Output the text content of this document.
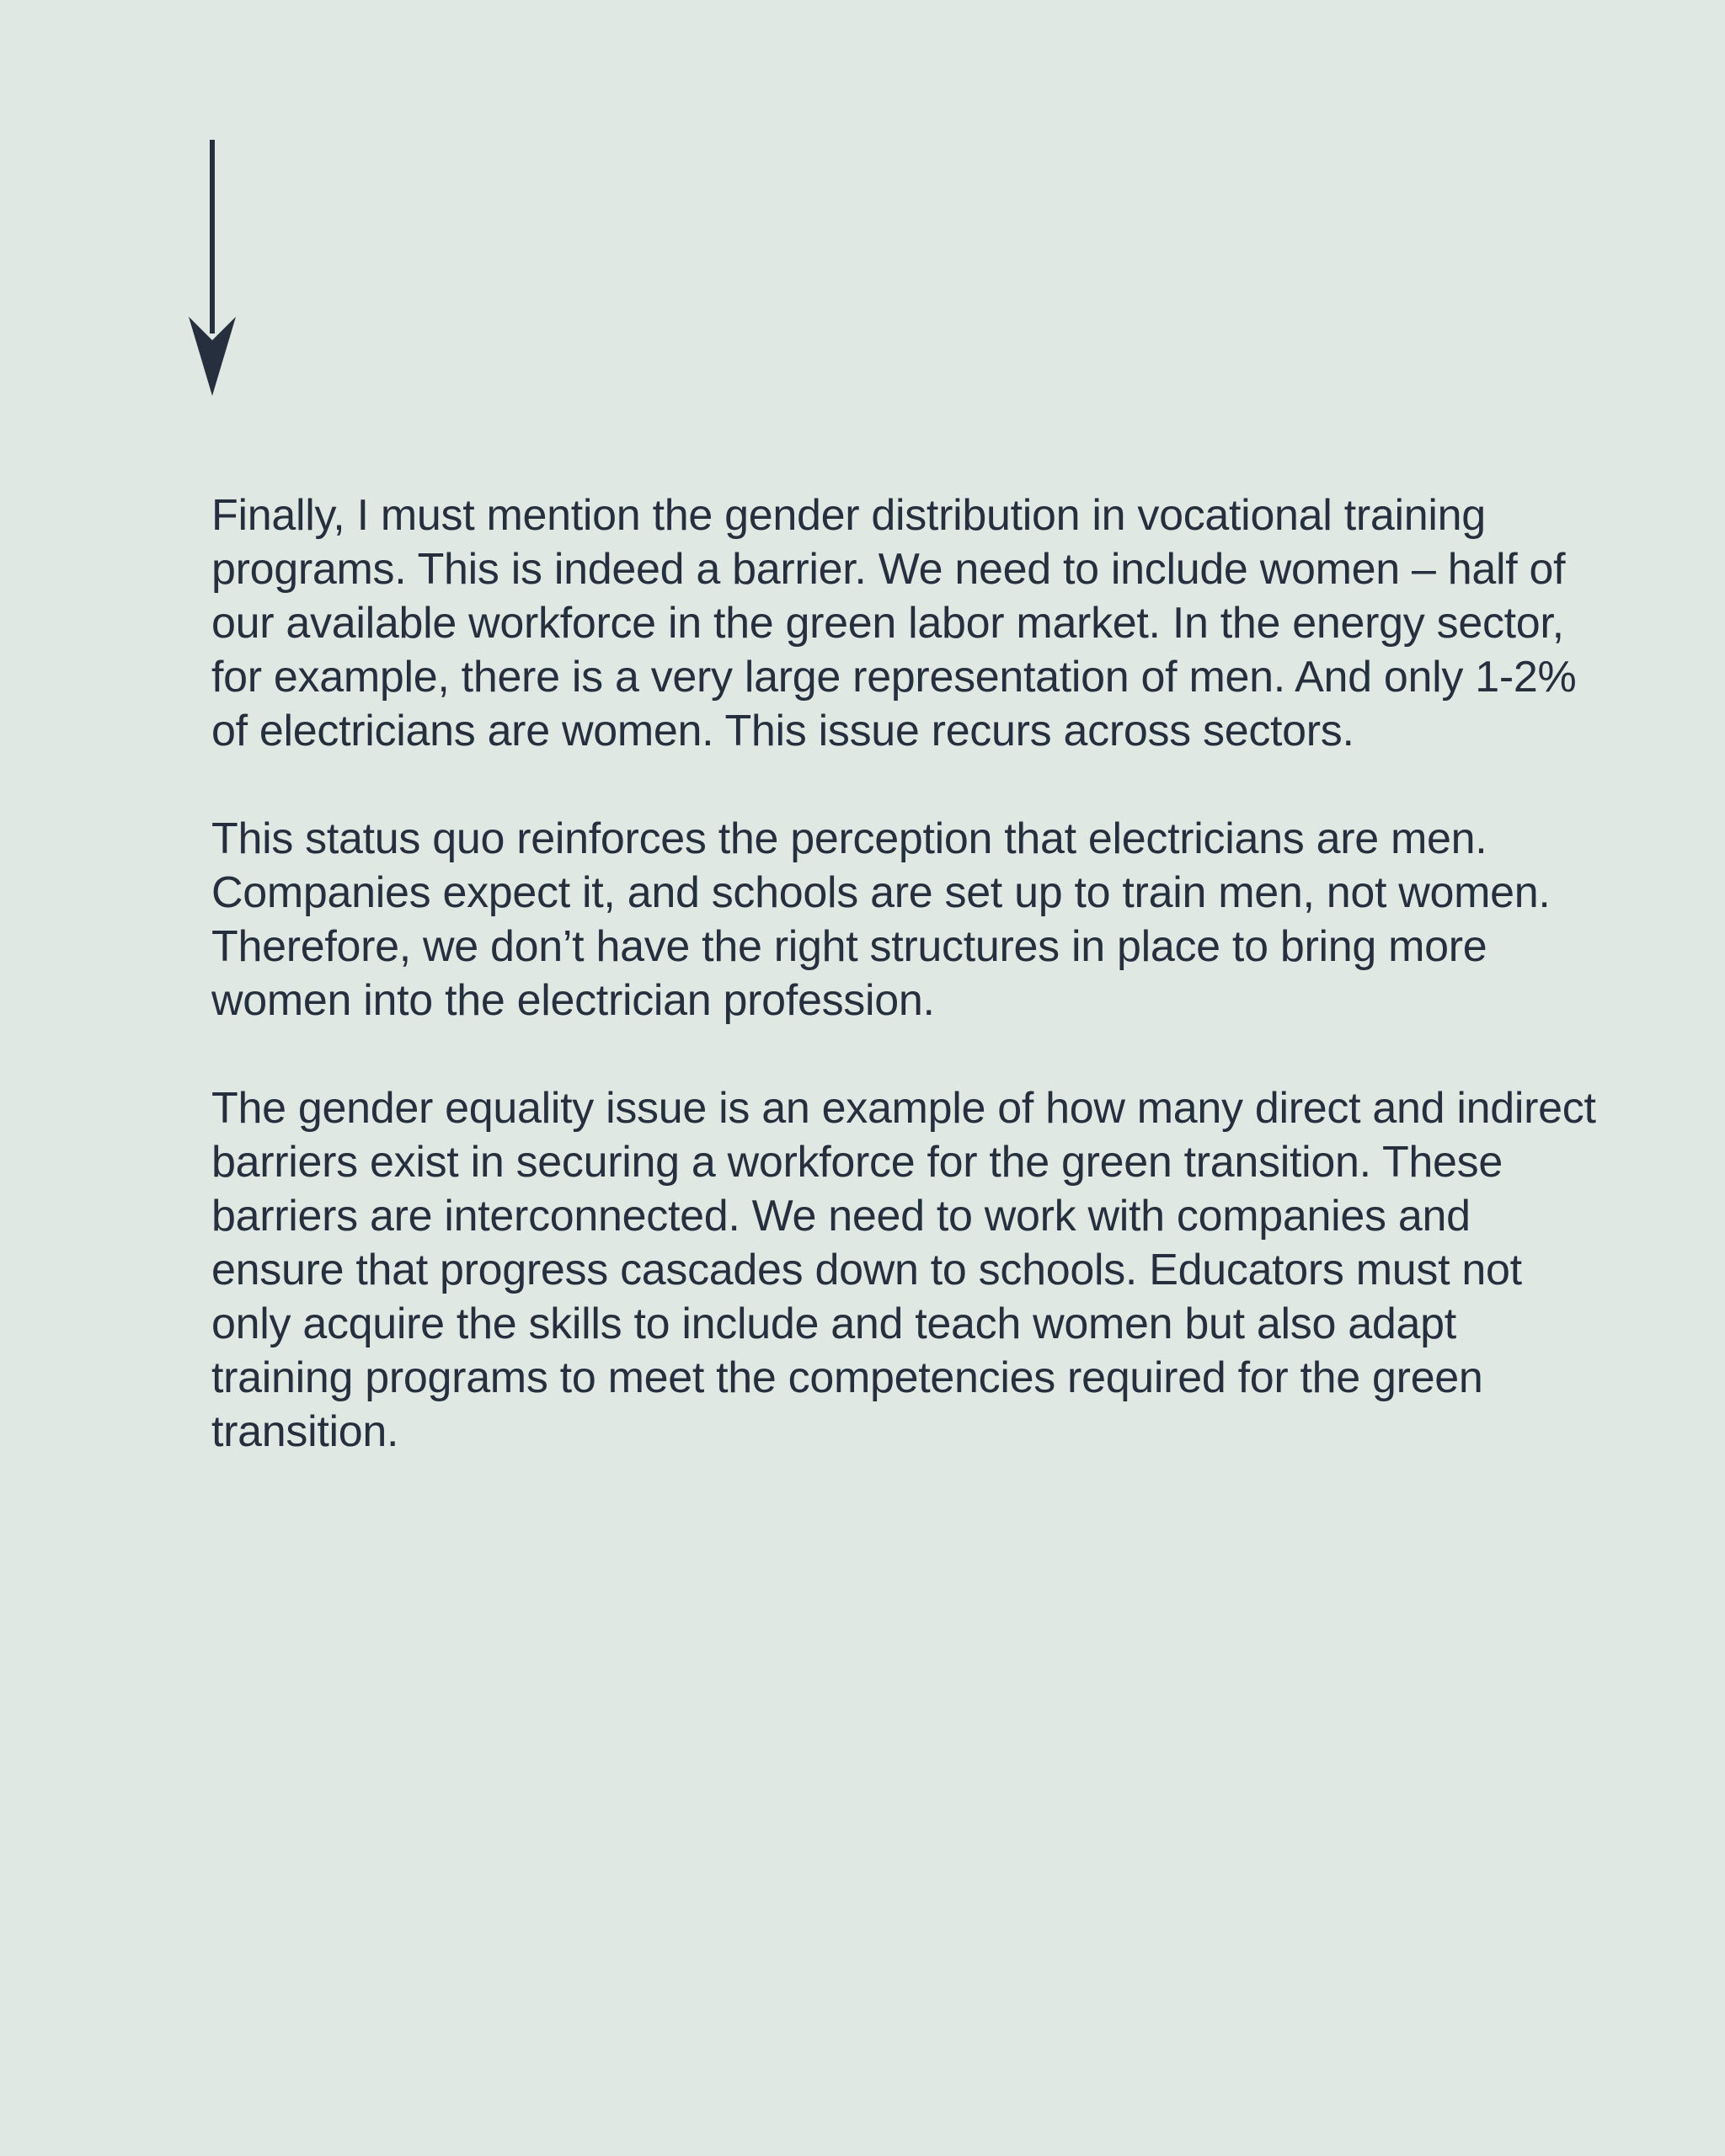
Finally, I must mention the gender distribution in vocational training programs. This is indeed a barrier. We need to include women – half of our available workforce in the green labor market. In the energy sector, for example, there is a very large representation of men. And only 1-2% of electricians are women. This issue recurs across sectors.

This status quo reinforces the perception that electricians are men. Companies expect it, and schools are set up to train men, not women. Therefore, we don’t have the right structures in place to bring more women into the electrician profession.

The gender equality issue is an example of how many direct and indirect barriers exist in securing a workforce for the green transition. These barriers are interconnected. We need to work with companies and ensure that progress cascades down to schools. Educators must not only acquire the skills to include and teach women but also adapt training programs to meet the competencies required for the green transition.
